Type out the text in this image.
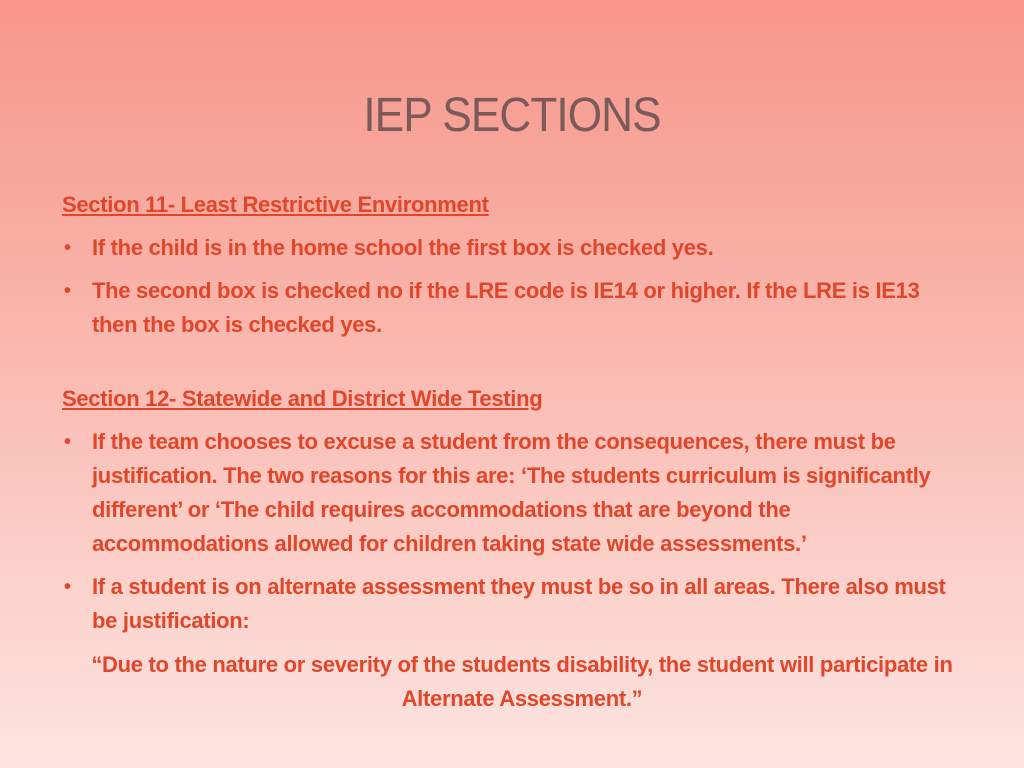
IEP SECTIONS
Section 11- Least Restrictive Environment
• If the child is in the home school the first box is checked yes.
• The second box is checked no if the LRE code is IE14 or higher. If the LRE is IE13 then the box is checked yes.
Section 12- Statewide and District Wide Testing
• If the team chooses to excuse a student from the consequences, there must be justification. The two reasons for this are: ‘The students curriculum is significantly different’ or ‘The child requires accommodations that are beyond the accommodations allowed for children taking state wide assessments.’
• If a student is on alternate assessment they must be so in all areas. There also must be justification:
“Due to the nature or severity of the students disability, the student will participate in Alternate Assessment.”
